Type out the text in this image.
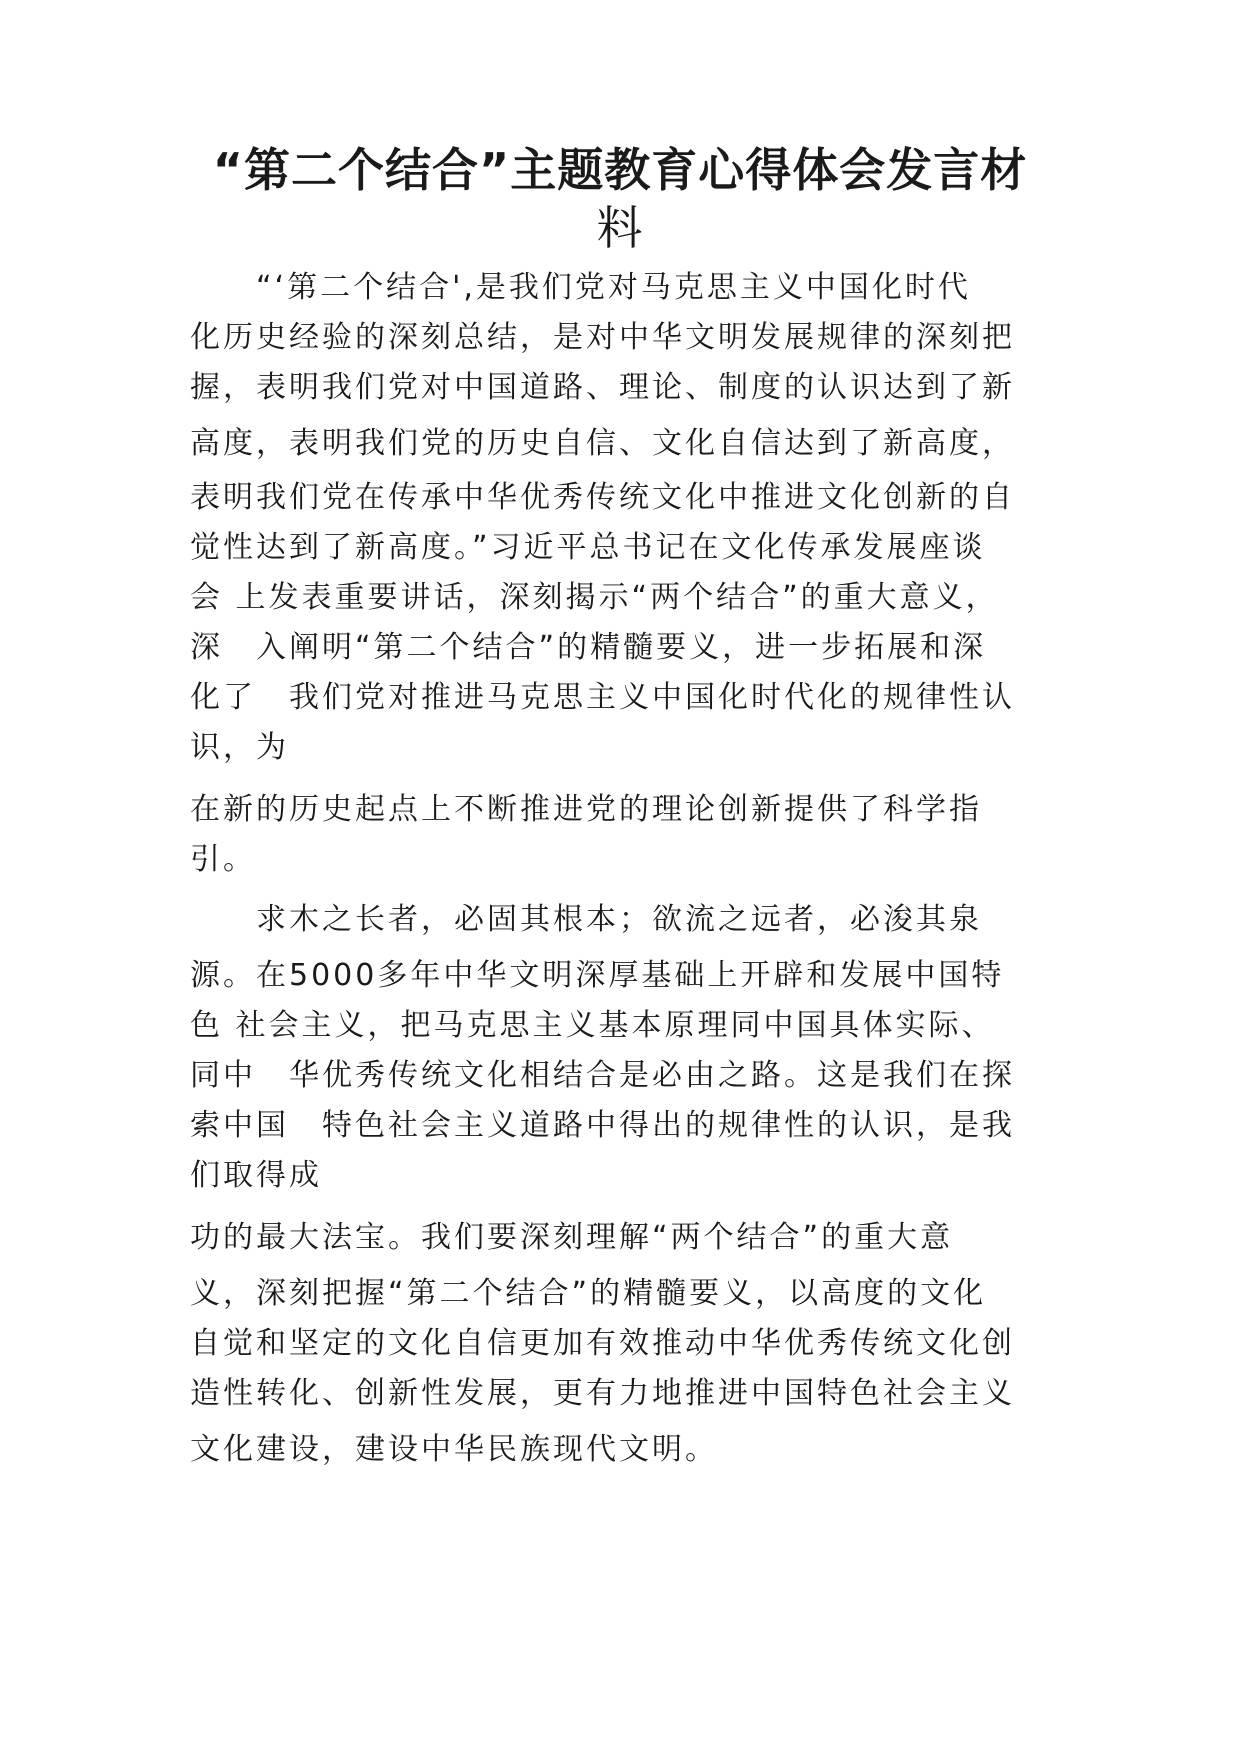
“第二个结合”主题教育心得体会发言材
料
　　“‘第二个结合',是我们党对马克思主义中国化时代
化历史经验的深刻总结，是对中华文明发展规律的深刻把
握，表明我们党对中国道路、理论、制度的认识达到了新
高度，表明我们党的历史自信、文化自信达到了新高度，
表明我们党在传承中华优秀传统文化中推进文化创新的自
觉性达到了新高度。”习近平总书记在文化传承发展座谈
会 上发表重要讲话，深刻揭示“两个结合”的重大意义，
深　入阐明“第二个结合”的精髓要义，进一步拓展和深
化了　我们党对推进马克思主义中国化时代化的规律性认
识，为
在新的历史起点上不断推进党的理论创新提供了科学指
引。
　　求木之长者，必固其根本；欲流之远者，必浚其泉
源。在5000多年中华文明深厚基础上开辟和发展中国特
色 社会主义，把马克思主义基本原理同中国具体实际、
同中　华优秀传统文化相结合是必由之路。这是我们在探
索中国　特色社会主义道路中得出的规律性的认识，是我
们取得成
功的最大法宝。我们要深刻理解“两个结合”的重大意
义，深刻把握“第二个结合”的精髓要义，以高度的文化
自觉和坚定的文化自信更加有效推动中华优秀传统文化创
造性转化、创新性发展，更有力地推进中国特色社会主义
文化建设，建设中华民族现代文明。
